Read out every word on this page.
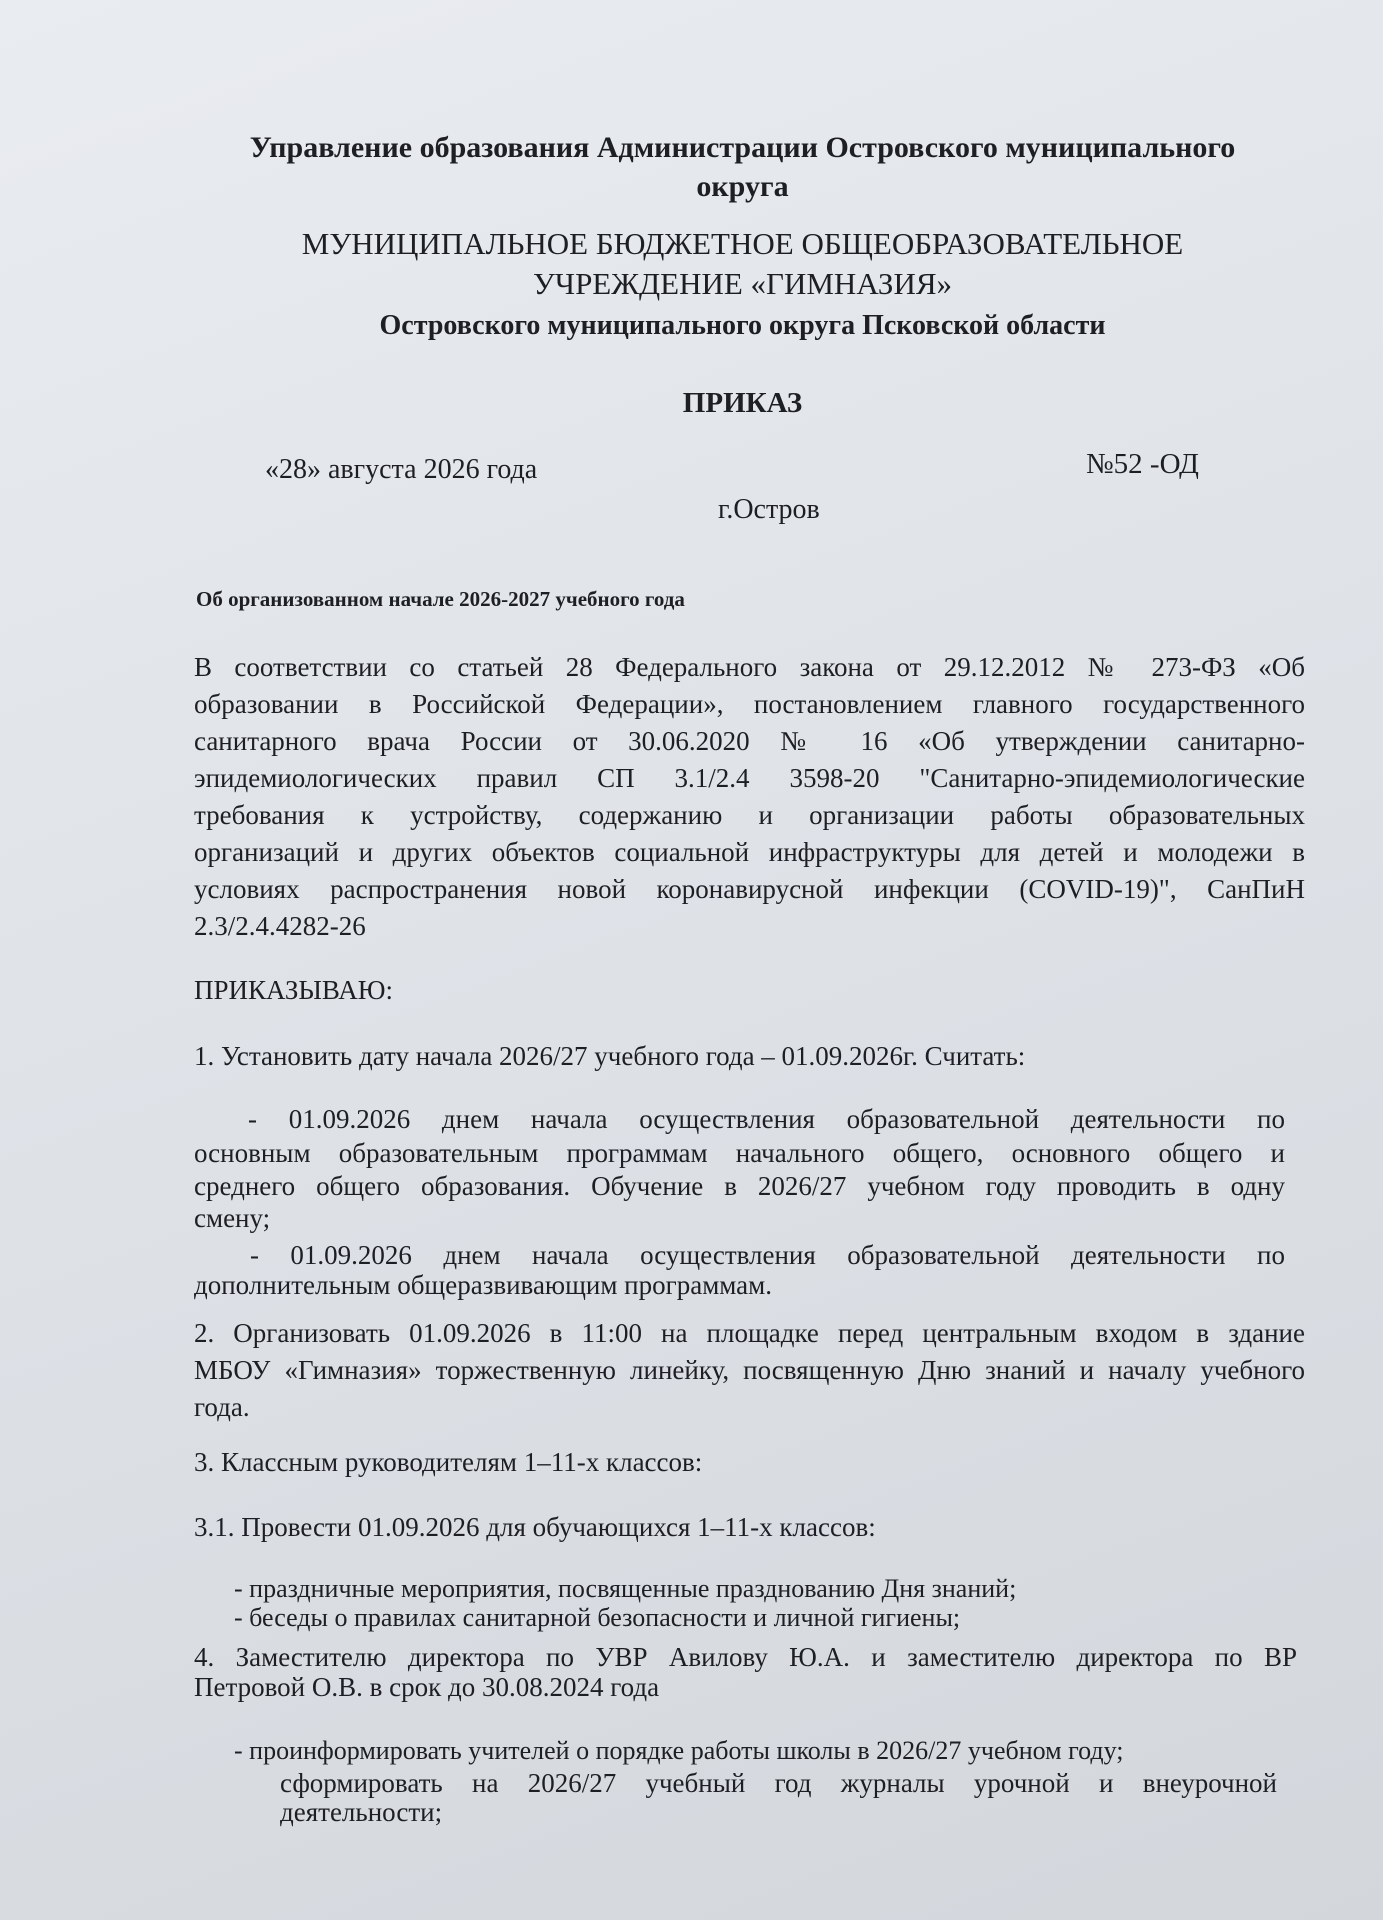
Управление образования Администрации Островского муниципального
округа
МУНИЦИПАЛЬНОЕ БЮДЖЕТНОЕ ОБЩЕОБРАЗОВАТЕЛЬНОЕ
УЧРЕЖДЕНИЕ «ГИМНАЗИЯ»
Островского муниципального округа Псковской области
ПРИКАЗ
«28» августа 2026 года	№52 -ОД
г.Остров
Об организованном начале 2026-2027 учебного года
В соответствии со статьей 28 Федерального закона от 29.12.2012 № 273-ФЗ «Об
образовании в Российской Федерации», постановлением главного государственного
санитарного врача России от 30.06.2020 № 16 «Об утверждении санитарно-
эпидемиологических правил СП 3.1/2.4 3598-20 "Санитарно-эпидемиологические
требования к устройству, содержанию и организации работы образовательных
организаций и других объектов социальной инфраструктуры для детей и молодежи в
условиях распространения новой коронавирусной инфекции (COVID-19)", СанПиН
2.3/2.4.4282-26
ПРИКАЗЫВАЮ:
1. Установить дату начала 2026/27 учебного года – 01.09.2026г. Считать:
- 01.09.2026 днем начала осуществления образовательной деятельности по
основным образовательным программам начального общего, основного общего и
среднего общего образования. Обучение в 2026/27 учебном году проводить в одну
смену;
- 01.09.2026 днем начала осуществления образовательной деятельности по
дополнительным общеразвивающим программам.
2. Организовать 01.09.2026 в 11:00 на площадке перед центральным входом в здание
МБОУ «Гимназия» торжественную линейку, посвященную Дню знаний и началу учебного
года.
3. Классным руководителям 1–11-х классов:
3.1. Провести 01.09.2026 для обучающихся 1–11-х классов:
- праздничные мероприятия, посвященные празднованию Дня знаний;
- беседы о правилах санитарной безопасности и личной гигиены;
4. Заместителю директора по УВР Авилову Ю.А. и заместителю директора по ВР
Петровой О.В. в срок до 30.08.2024 года
- проинформировать учителей о порядке работы школы в 2026/27 учебном году;
сформировать на 2026/27 учебный год журналы урочной и внеурочной
деятельности;
